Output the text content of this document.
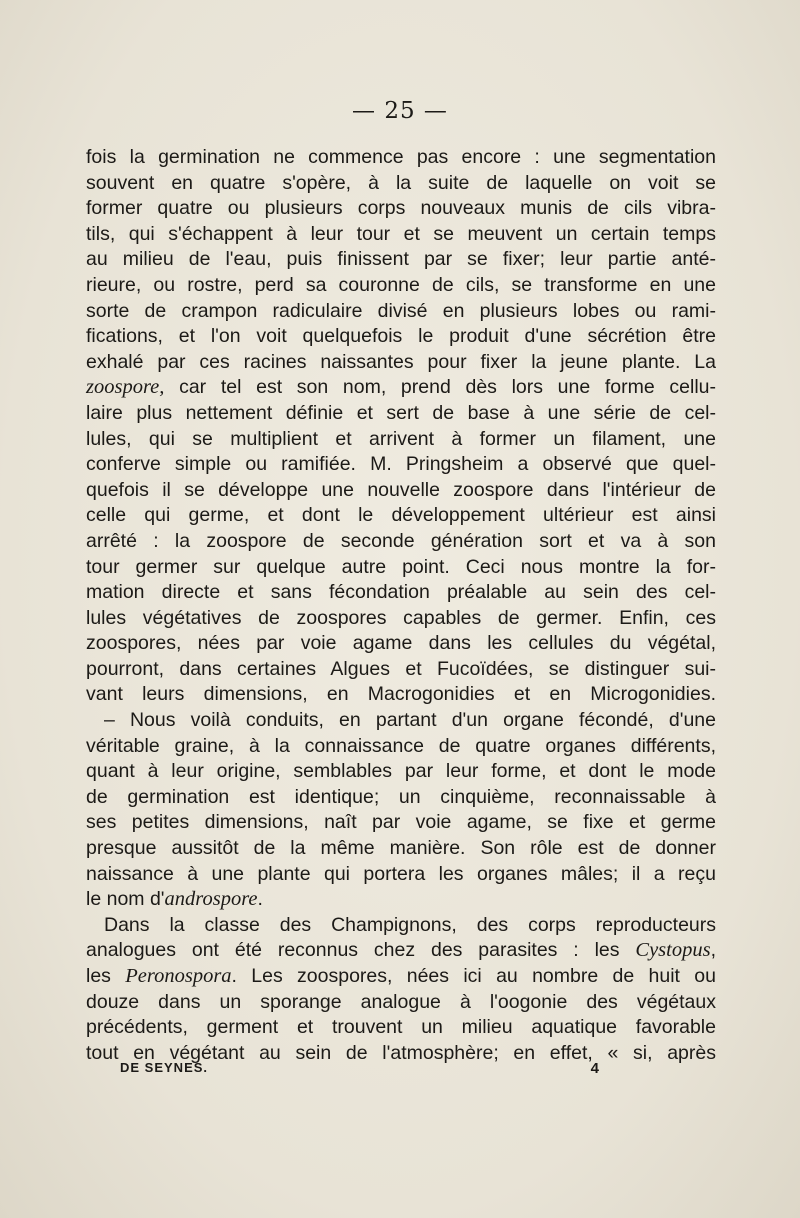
— 25 —
fois la germination ne commence pas encore : une segmentation
souvent en quatre s'opère, à la suite de laquelle on voit se
former quatre ou plusieurs corps nouveaux munis de cils vibra-
tils, qui s'échappent à leur tour et se meuvent un certain temps
au milieu de l'eau, puis finissent par se fixer; leur partie anté-
rieure, ou rostre, perd sa couronne de cils, se transforme en une
sorte de crampon radiculaire divisé en plusieurs lobes ou rami-
fications, et l'on voit quelquefois le produit d'une sécrétion être
exhalé par ces racines naissantes pour fixer la jeune plante. La
zoospore, car tel est son nom, prend dès lors une forme cellu-
laire plus nettement définie et sert de base à une série de cel-
lules, qui se multiplient et arrivent à former un filament, une
conferve simple ou ramifiée. M. Pringsheim a observé que quel-
quefois il se développe une nouvelle zoospore dans l'intérieur de
celle qui germe, et dont le développement ultérieur est ainsi
arrêté : la zoospore de seconde génération sort et va à son
tour germer sur quelque autre point. Ceci nous montre la for-
mation directe et sans fécondation préalable au sein des cel-
lules végétatives de zoospores capables de germer. Enfin, ces
zoospores, nées par voie agame dans les cellules du végétal,
pourront, dans certaines Algues et Fucoïdées, se distinguer sui-
vant leurs dimensions, en Macrogonidies et en Microgonidies.
– Nous voilà conduits, en partant d'un organe fécondé, d'une
véritable graine, à la connaissance de quatre organes différents,
quant à leur origine, semblables par leur forme, et dont le mode
de germination est identique; un cinquième, reconnaissable à
ses petites dimensions, naît par voie agame, se fixe et germe
presque aussitôt de la même manière. Son rôle est de donner
naissance à une plante qui portera les organes mâles; il a reçu
le nom d'androspore.
Dans la classe des Champignons, des corps reproducteurs
analogues ont été reconnus chez des parasites : les Cystopus,
les Peronospora. Les zoospores, nées ici au nombre de huit ou
douze dans un sporange analogue à l'oogonie des végétaux
précédents, germent et trouvent un milieu aquatique favorable
tout en végétant au sein de l'atmosphère; en effet, « si, après
DE SEYNES.	4
